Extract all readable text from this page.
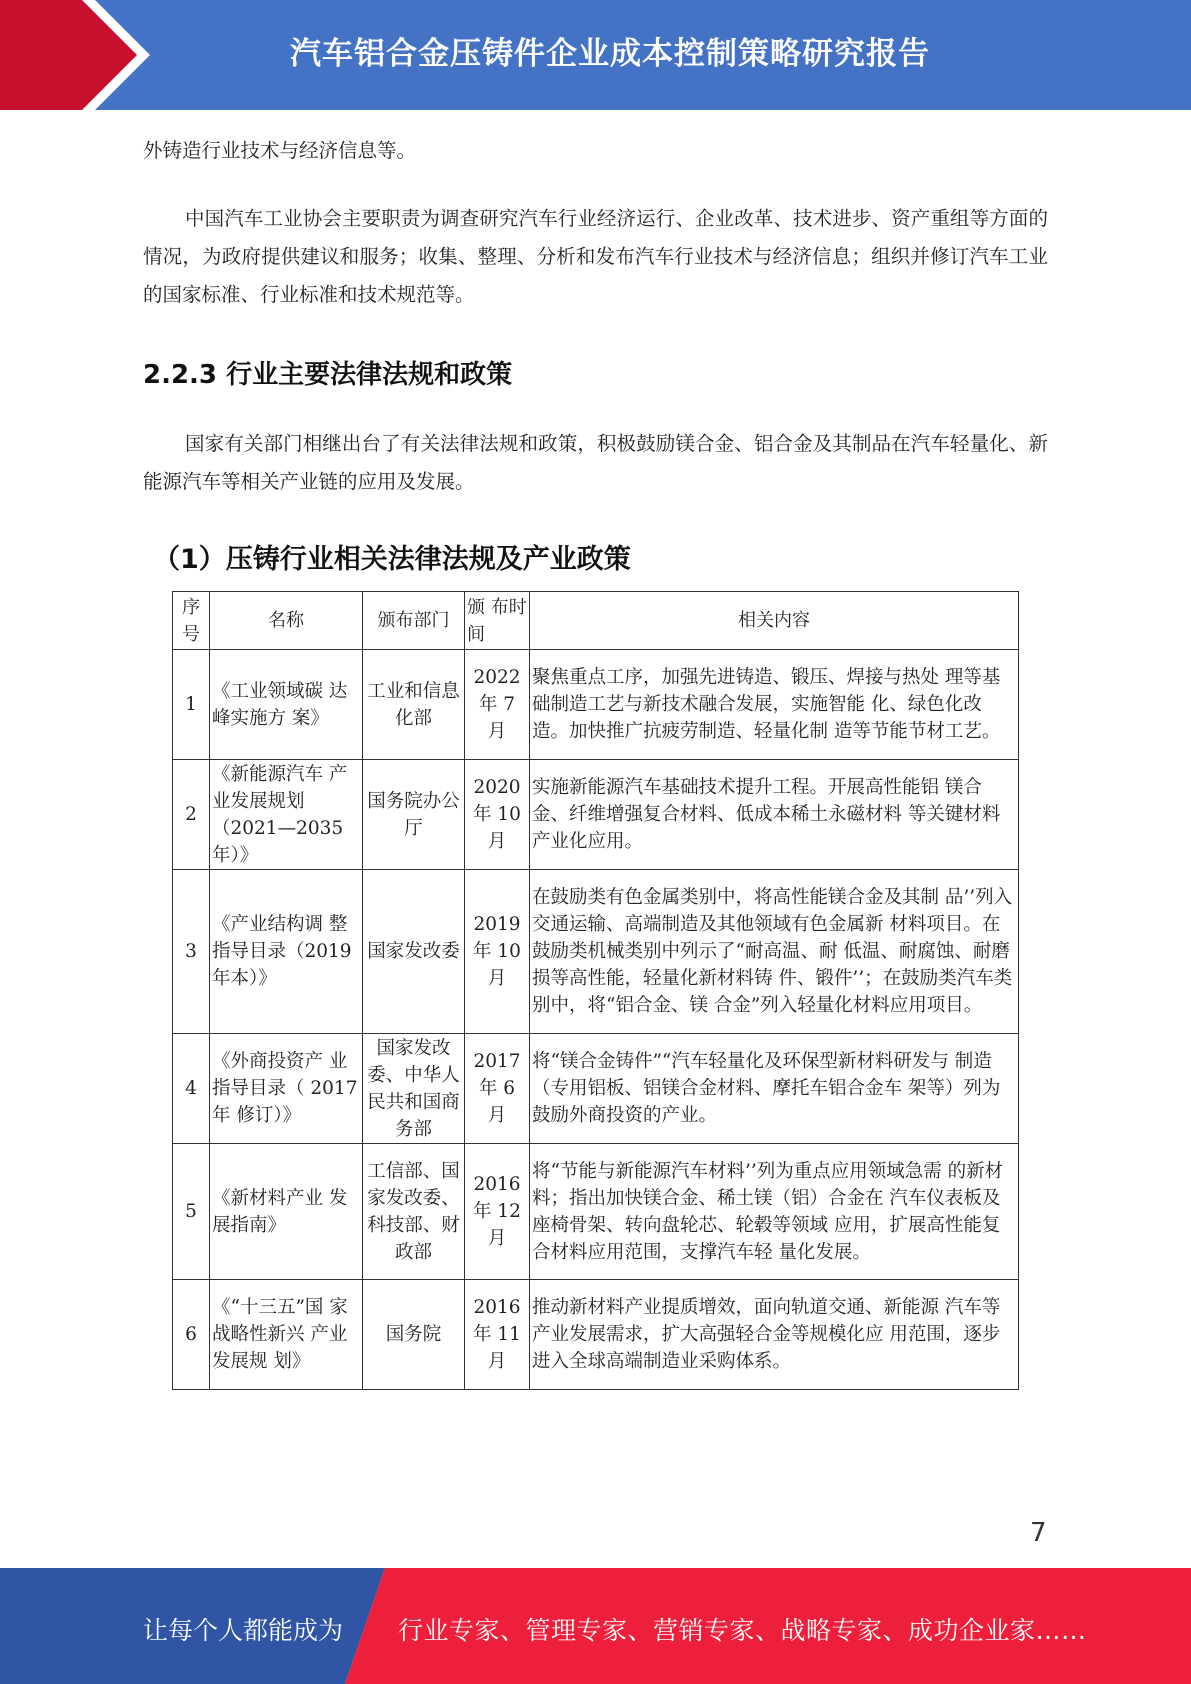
汽车铝合金压铸件企业成本控制策略研究报告

外铸造行业技术与经济信息等。

中国汽车工业协会主要职责为调查研究汽车行业经济运行、企业改革、技术进步、资产重组等方面的情况，为政府提供建议和服务；收集、整理、分析和发布汽车行业技术与经济信息；组织并修订汽车工业的国家标准、行业标准和技术规范等。

2.2.3 行业主要法律法规和政策

国家有关部门相继出台了有关法律法规和政策，积极鼓励镁合金、铝合金及其制品在汽车轻量化、新能源汽车等相关产业链的应用及发展。

（1）压铸行业相关法律法规及产业政策
序号	名称	颁布部门	颁 布时间	相关内容
1	《工业领域碳 达峰实施方 案》	工业和信息化部	2022 年 7 月	聚焦重点工序，加强先进铸造、锻压、焊接与热处 理等基础制造工艺与新技术融合发展，实施智能 化、绿色化改造。加快推广抗疲劳制造、轻量化制 造等节能节材工艺。
2	《新能源汽车 产业发展规划（2021—2035 年）》	国务院办公厅	2020 年 10 月	实施新能源汽车基础技术提升工程。开展高性能铝 镁合金、纤维增强复合材料、低成本稀土永磁材料 等关键材料产业化应用。
3	《产业结构调 整指导目录（2019 年本）》	国家发改委	2019 年 10 月	在鼓励类有色金属类别中，将高性能镁合金及其制 品’’列入交通运输、高端制造及其他领域有色金属新 材料项目。在鼓励类机械类别中列示了“耐高温、耐 低温、耐腐蚀、耐磨损等高性能，轻量化新材料铸 件、锻件’’；在鼓励类汽车类别中，将“铝合金、镁 合金”列入轻量化材料应用项目。
4	《外商投资产 业指导目录（ 2017 年 修订）》	国家发改委、中华人民共和国商务部	2017 年 6 月	将“镁合金铸件”“汽车轻量化及环保型新材料研发与 制造（专用铝板、铝镁合金材料、摩托车铝合金车 架等）列为鼓励外商投资的产业。
5	《新材料产业 发展指南》	工信部、国家发改委、科技部、财政部	2016 年 12 月	将“节能与新能源汽车材料’’列为重点应用领域急需 的新材料；指出加快镁合金、稀土镁（铝）合金在 汽车仪表板及座椅骨架、转向盘轮芯、轮毂等领域 应用，扩展高性能复合材料应用范围，支撑汽车轻 量化发展。
6	《“十三五”国 家战略性新兴 产业发展规 划》	国务院	2016 年 11 月	推动新材料产业提质增效，面向轨道交通、新能源 汽车等产业发展需求，扩大高强轻合金等规模化应 用范围，逐步进入全球高端制造业采购体系。
7
让每个人都能成为 行业专家、管理专家、营销专家、战略专家、成功企业家……
